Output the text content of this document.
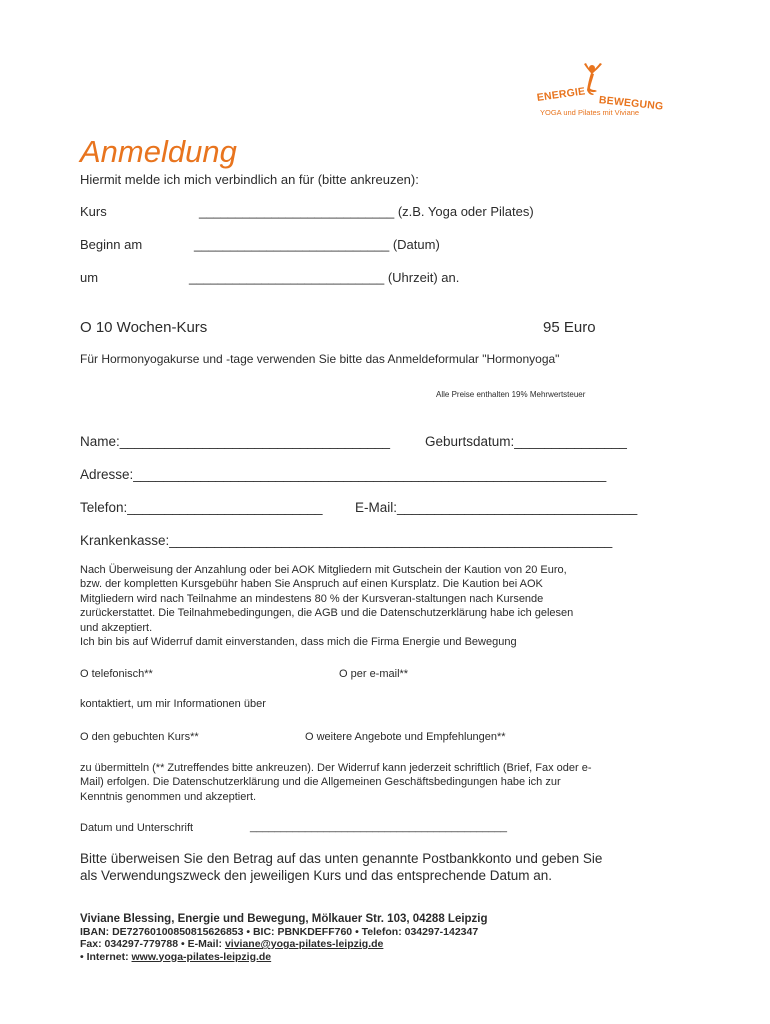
ENERGIE BEWEGUNG
YOGA und Pilates mit Viviane
Anmeldung
Hiermit melde ich mich verbindlich an für (bitte ankreuzen):
Kurs	___________________________ (z.B. Yoga oder Pilates)
Beginn am	___________________________ (Datum)
um	___________________________ (Uhrzeit) an.
O 10 Wochen-Kurs	95 Euro
Für Hormonyogakurse und -tage verwenden Sie bitte das Anmeldeformular "Hormonyoga"
Alle Preise enthalten 19% Mehrwertsteuer
Name:____________________________________	Geburtsdatum:_______________
Adresse:_______________________________________________________________
Telefon:__________________________ E-Mail:________________________________
Krankenkasse:___________________________________________________________
Nach Überweisung der Anzahlung oder bei AOK Mitgliedern mit Gutschein der Kaution von 20 Euro,
bzw. der kompletten Kursgebühr haben Sie Anspruch auf einen Kursplatz. Die Kaution bei AOK
Mitgliedern wird nach Teilnahme an mindestens 80 % der Kursveran-staltungen nach Kursende
zurückerstattet. Die Teilnahmebedingungen, die AGB und die Datenschutzerklärung habe ich gelesen
und akzeptiert.
Ich bin bis auf Widerruf damit einverstanden, dass mich die Firma Energie und Bewegung
O telefonisch**	O per e-mail**
kontaktiert, um mir Informationen über
O den gebuchten Kurs**	O weitere Angebote und Empfehlungen**
zu übermitteln (** Zutreffendes bitte ankreuzen). Der Widerruf kann jederzeit schriftlich (Brief, Fax oder e-
Mail) erfolgen. Die Datenschutzerklärung und die Allgemeinen Geschäftsbedingungen habe ich zur
Kenntnis genommen und akzeptiert.
Datum und Unterschrift	__________________________________________
Bitte überweisen Sie den Betrag auf das unten genannte Postbankkonto und geben Sie
als Verwendungszweck den jeweiligen Kurs und das entsprechende Datum an.
Viviane Blessing, Energie und Bewegung, Mölkauer Str. 103, 04288 Leipzig
IBAN: DE72760100850815626853 • BIC: PBNKDEFF760 • Telefon: 034297-142347
Fax: 034297-779788 • E-Mail: viviane@yoga-pilates-leipzig.de
• Internet: www.yoga-pilates-leipzig.de
